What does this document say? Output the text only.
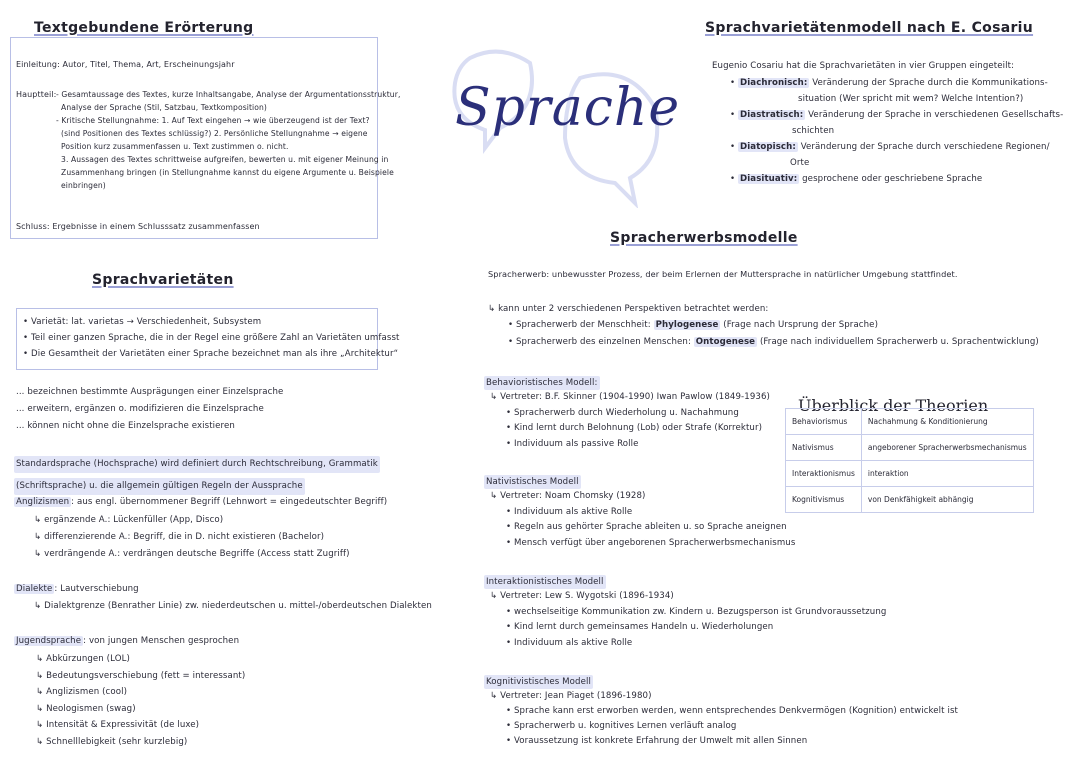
Sprache
Textgebundene Erörterung
Einleitung: Autor, Titel, Thema, Art, Erscheinungsjahr
Hauptteil: - Gesamtaussage des Textes, kurze Inhaltsangabe, Analyse der Argumentationsstruktur,
Analyse der Sprache (Stil, Satzbau, Textkomposition)
- Kritische Stellungnahme: 1. Auf Text eingehen → wie überzeugend ist der Text?
(sind Positionen des Textes schlüssig?) 2. Persönliche Stellungnahme → eigene
Position kurz zusammenfassen u. Text zustimmen o. nicht.
3. Aussagen des Textes schrittweise aufgreifen, bewerten u. mit eigener Meinung in
Zusammenhang bringen (in Stellungnahme kannst du eigene Argumente u. Beispiele
einbringen)
Schluss: Ergebnisse in einem Schlusssatz zusammenfassen
Sprachvarietätenmodell nach E. Cosariu
Eugenio Cosariu hat die Sprachvarietäten in vier Gruppen eingeteilt:
• Diachronisch: Veränderung der Sprache durch die Kommunikations-
situation (Wer spricht mit wem? Welche Intention?)
• Diastratisch: Veränderung der Sprache in verschiedenen Gesellschafts-
schichten
• Diatopisch: Veränderung der Sprache durch verschiedene Regionen/
Orte
• Diasituativ: gesprochene oder geschriebene Sprache
Sprachvarietäten
• Varietät: lat. varietas → Verschiedenheit, Subsystem
• Teil einer ganzen Sprache, die in der Regel eine größere Zahl an Varietäten umfasst
• Die Gesamtheit der Varietäten einer Sprache bezeichnet man als ihre „Architektur“
... bezeichnen bestimmte Ausprägungen einer Einzelsprache
... erweitern, ergänzen o. modifizieren die Einzelsprache
... können nicht ohne die Einzelsprache existieren
Standardsprache (Hochsprache) wird definiert durch Rechtschreibung, Grammatik
(Schriftsprache) u. die allgemein gültigen Regeln der Aussprache
Anglizismen : aus engl. übernommener Begriff (Lehnwort = eingedeutschter Begriff)
↳ ergänzende A.: Lückenfüller (App, Disco)
↳ differenzierende A.: Begriff, die in D. nicht existieren (Bachelor)
↳ verdrängende A.: verdrängen deutsche Begriffe (Access statt Zugriff)
Dialekte : Lautverschiebung
↳ Dialektgrenze (Benrather Linie) zw. niederdeutschen u. mittel-/oberdeutschen Dialekten
Jugendsprache : von jungen Menschen gesprochen
↳ Abkürzungen (LOL)
↳ Bedeutungsverschiebung (fett = interessant)
↳ Anglizismen (cool)
↳ Neologismen (swag)
↳ Intensität & Expressivität (de luxe)
↳ Schnelllebigkeit (sehr kurzlebig)
Spracherwerbsmodelle
Spracherwerb: unbewusster Prozess, der beim Erlernen der Muttersprache in natürlicher Umgebung stattfindet.
↳ kann unter 2 verschiedenen Perspektiven betrachtet werden:
• Spracherwerb der Menschheit: Phylogenese (Frage nach Ursprung der Sprache)
• Spracherwerb des einzelnen Menschen: Ontogenese (Frage nach individuellem Spracherwerb u. Sprachentwicklung)
Behavioristisches Modell:
↳ Vertreter: B.F. Skinner (1904-1990) Iwan Pawlow (1849-1936)
• Spracherwerb durch Wiederholung u. Nachahmung
• Kind lernt durch Belohnung (Lob) oder Strafe (Korrektur)
• Individuum als passive Rolle
Nativistisches Modell
↳ Vertreter: Noam Chomsky (1928)
• Individuum als aktive Rolle
• Regeln aus gehörter Sprache ableiten u. so Sprache aneignen
• Mensch verfügt über angeborenen Spracherwerbsmechanismus
Interaktionistisches Modell
↳ Vertreter: Lew S. Wygotski (1896-1934)
• wechselseitige Kommunikation zw. Kindern u. Bezugsperson ist Grundvoraussetzung
• Kind lernt durch gemeinsames Handeln u. Wiederholungen
• Individuum als aktive Rolle
Kognitivistisches Modell
↳ Vertreter: Jean Piaget (1896-1980)
• Sprache kann erst erworben werden, wenn entsprechendes Denkvermögen (Kognition) entwickelt ist
• Spracherwerb u. kognitives Lernen verläuft analog
• Voraussetzung ist konkrete Erfahrung der Umwelt mit allen Sinnen
Überblick der Theorien
Behaviorismus	Nachahmung & Konditionierung
Nativismus	angeborener Spracherwerbsmechanismus
Interaktionismus	interaktion
Kognitivismus	von Denkfähigkeit abhängig
